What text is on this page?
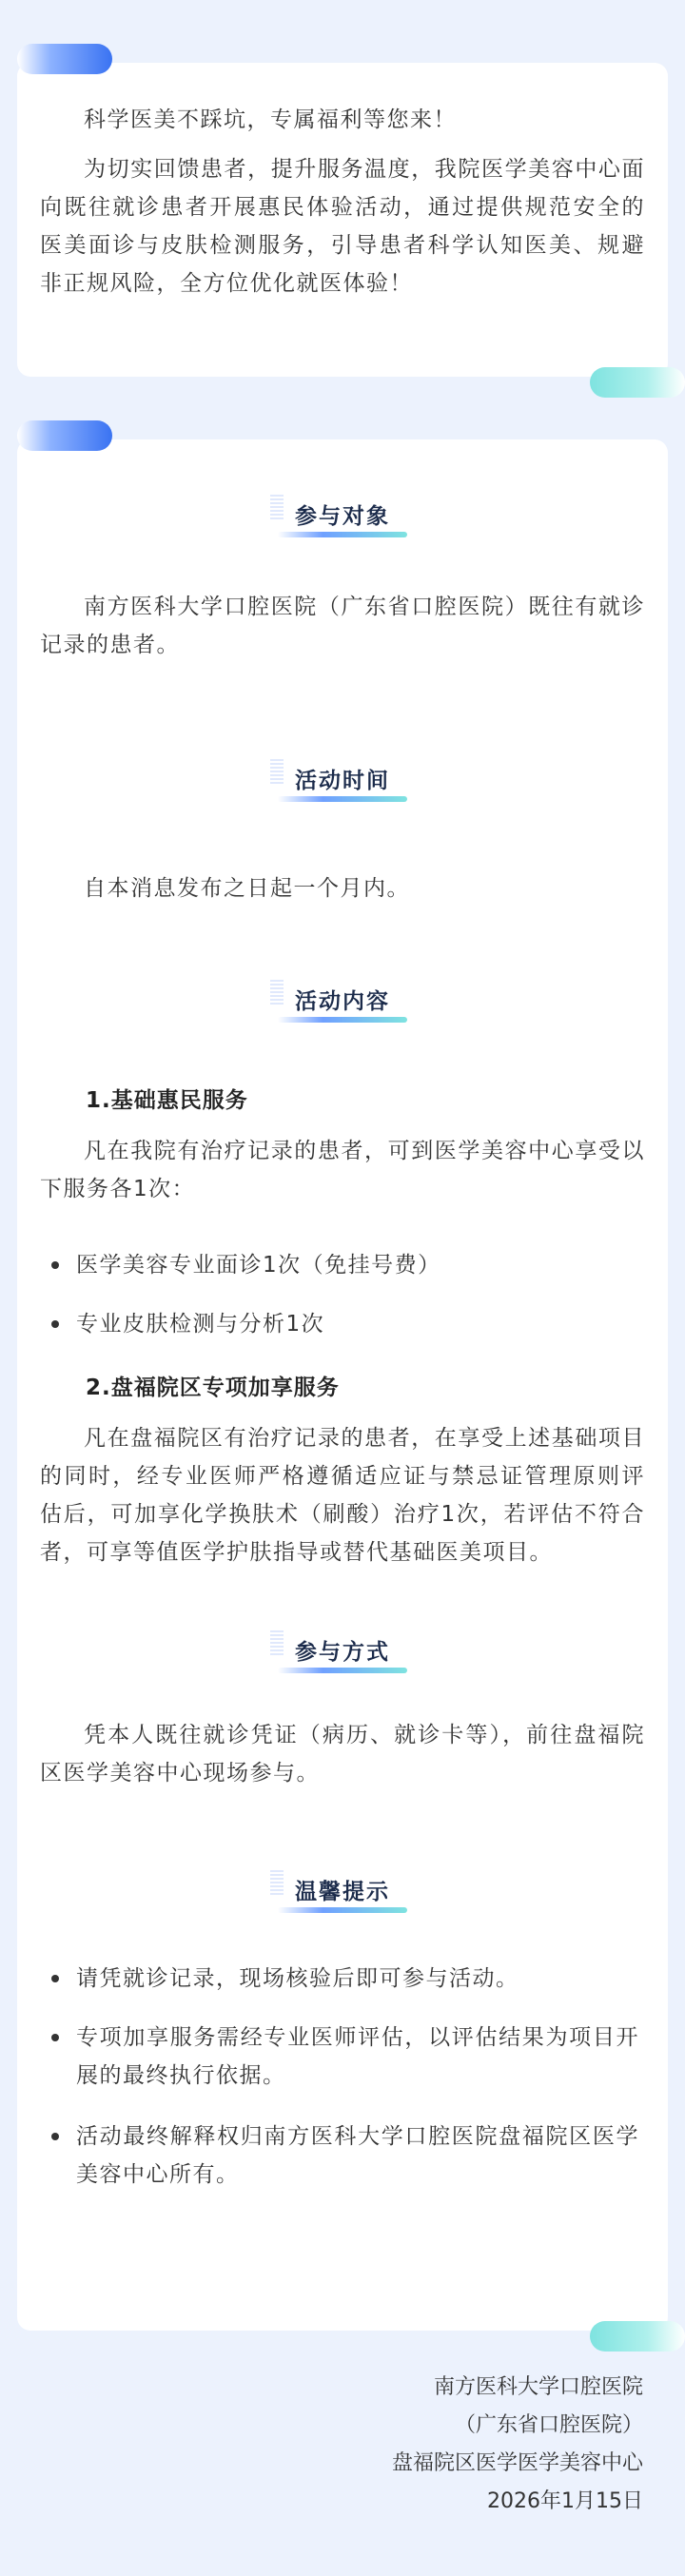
科学医美不踩坑，专属福利等您来！
为切实回馈患者，提升服务温度，我院医学美容中心面向既往就诊患者开展惠民体验活动，通过提供规范安全的医美面诊与皮肤检测服务，引导患者科学认知医美、规避非正规风险，全方位优化就医体验！
参与对象
南方医科大学口腔医院（广东省口腔医院）既往有就诊记录的患者。
活动时间
自本消息发布之日起一个月内。
活动内容
1.基础惠民服务
凡在我院有治疗记录的患者，可到医学美容中心享受以下服务各1次：
医学美容专业面诊1次（免挂号费）
专业皮肤检测与分析1次
2.盘福院区专项加享服务
凡在盘福院区有治疗记录的患者，在享受上述基础项目的同时，经专业医师严格遵循适应证与禁忌证管理原则评估后，可加享化学换肤术（刷酸）治疗1次，若评估不符合者，可享等值医学护肤指导或替代基础医美项目。
参与方式
凭本人既往就诊凭证（病历、就诊卡等），前往盘福院区医学美容中心现场参与。
温馨提示
请凭就诊记录，现场核验后即可参与活动。
专项加享服务需经专业医师评估，以评估结果为项目开展的最终执行依据。
活动最终解释权归南方医科大学口腔医院盘福院区医学美容中心所有。
南方医科大学口腔医院
（广东省口腔医院）
盘福院区医学医学美容中心
2026年1月15日
